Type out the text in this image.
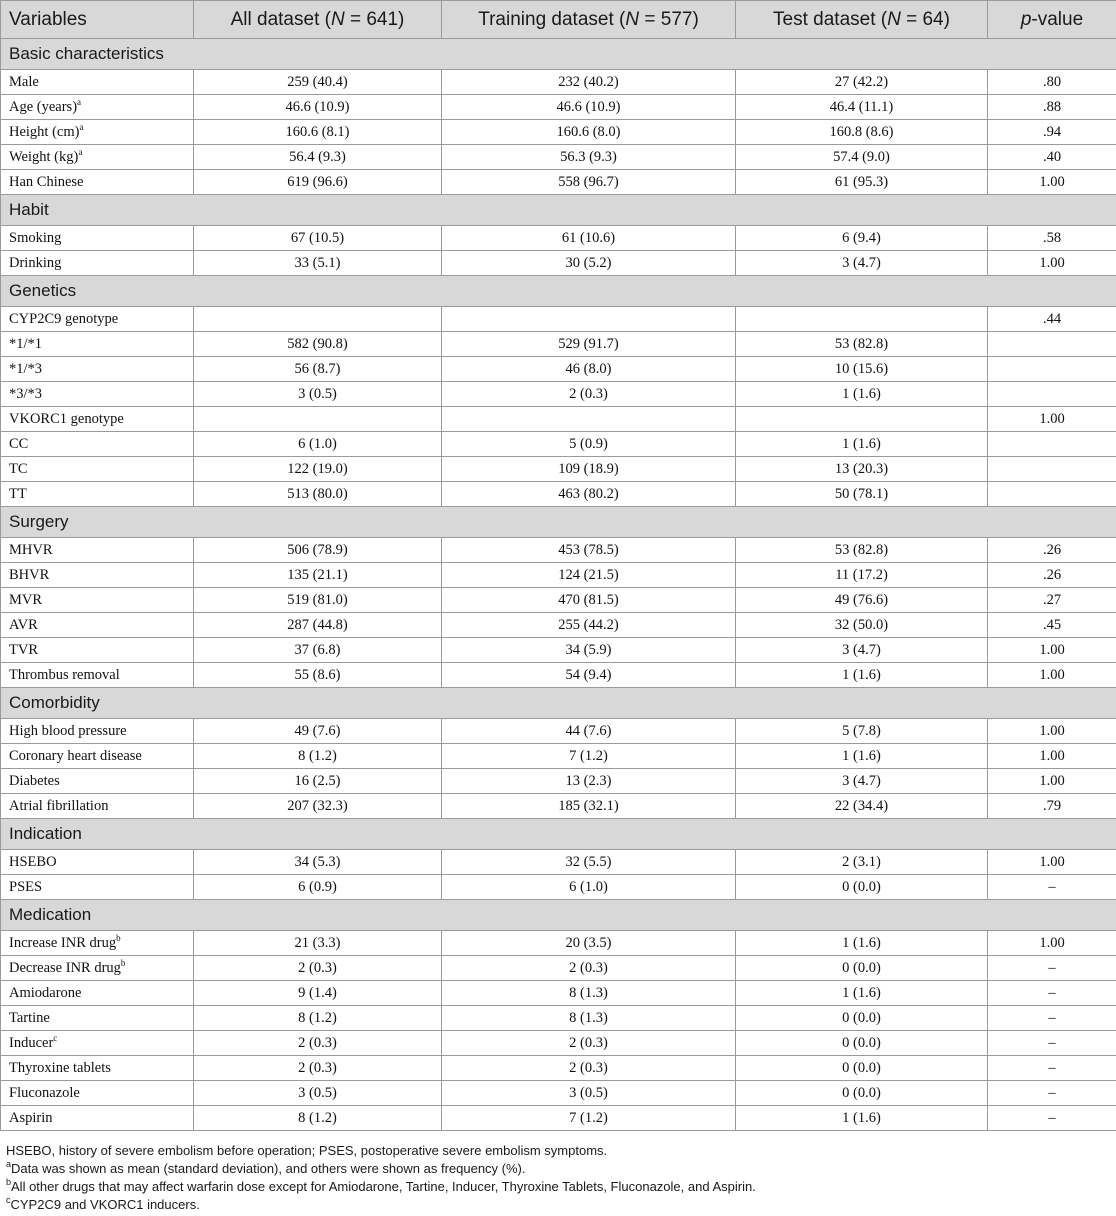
Variables	All dataset (N = 641)	Training dataset (N = 577)	Test dataset (N = 64)	p-value
Basic characteristics				
Male	259 (40.4)	232 (40.2)	27 (42.2)	.80
Age (years)$^a$	46.6 (10.9)	46.6 (10.9)	46.4 (11.1)	.88
Height (cm)$^a$	160.6 (8.1)	160.6 (8.0)	160.8 (8.6)	.94
Weight (kg)$^a$	56.4 (9.3)	56.3 (9.3)	57.4 (9.0)	.40
Han Chinese	619 (96.6)	558 (96.7)	61 (95.3)	1.00
Habit				
Smoking	67 (10.5)	61 (10.6)	6 (9.4)	.58
Drinking	33 (5.1)	30 (5.2)	3 (4.7)	1.00
Genetics				
CYP2C9 genotype				.44
*1/*1	582 (90.8)	529 (91.7)	53 (82.8)	
*1/*3	56 (8.7)	46 (8.0)	10 (15.6)	
*3/*3	3 (0.5)	2 (0.3)	1 (1.6)	
VKORC1 genotype				1.00
CC	6 (1.0)	5 (0.9)	1 (1.6)	
TC	122 (19.0)	109 (18.9)	13 (20.3)	
TT	513 (80.0)	463 (80.2)	50 (78.1)	
Surgery				
MHVR	506 (78.9)	453 (78.5)	53 (82.8)	.26
BHVR	135 (21.1)	124 (21.5)	11 (17.2)	.26
MVR	519 (81.0)	470 (81.5)	49 (76.6)	.27
AVR	287 (44.8)	255 (44.2)	32 (50.0)	.45
TVR	37 (6.8)	34 (5.9)	3 (4.7)	1.00
Thrombus removal	55 (8.6)	54 (9.4)	1 (1.6)	1.00
Comorbidity				
High blood pressure	49 (7.6)	44 (7.6)	5 (7.8)	1.00
Coronary heart disease	8 (1.2)	7 (1.2)	1 (1.6)	1.00
Diabetes	16 (2.5)	13 (2.3)	3 (4.7)	1.00
Atrial fibrillation	207 (32.3)	185 (32.1)	22 (34.4)	.79
Indication				
HSEBO	34 (5.3)	32 (5.5)	2 (3.1)	1.00
PSES	6 (0.9)	6 (1.0)	0 (0.0)	–
Medication				
Increase INR drug$^b$	21 (3.3)	20 (3.5)	1 (1.6)	1.00
Decrease INR drug$^b$	2 (0.3)	2 (0.3)	0 (0.0)	–
Amiodarone	9 (1.4)	8 (1.3)	1 (1.6)	–
Tartine	8 (1.2)	8 (1.3)	0 (0.0)	–
Inducer$^c$	2 (0.3)	2 (0.3)	0 (0.0)	–
Thyroxine tablets	2 (0.3)	2 (0.3)	0 (0.0)	–
Fluconazole	3 (0.5)	3 (0.5)	0 (0.0)	–
Aspirin	8 (1.2)	7 (1.2)	1 (1.6)	–

HSEBO, history of severe embolism before operation; PSES, postoperative severe embolism symptoms.

$^a$Data was shown as mean (standard deviation), and others were shown as frequency (%).

$^b$All other drugs that may affect warfarin dose except for Amiodarone, Tartine, Inducer, Thyroxine Tablets, Fluconazole, and Aspirin.

$^c$CYP2C9 and VKORC1 inducers.
